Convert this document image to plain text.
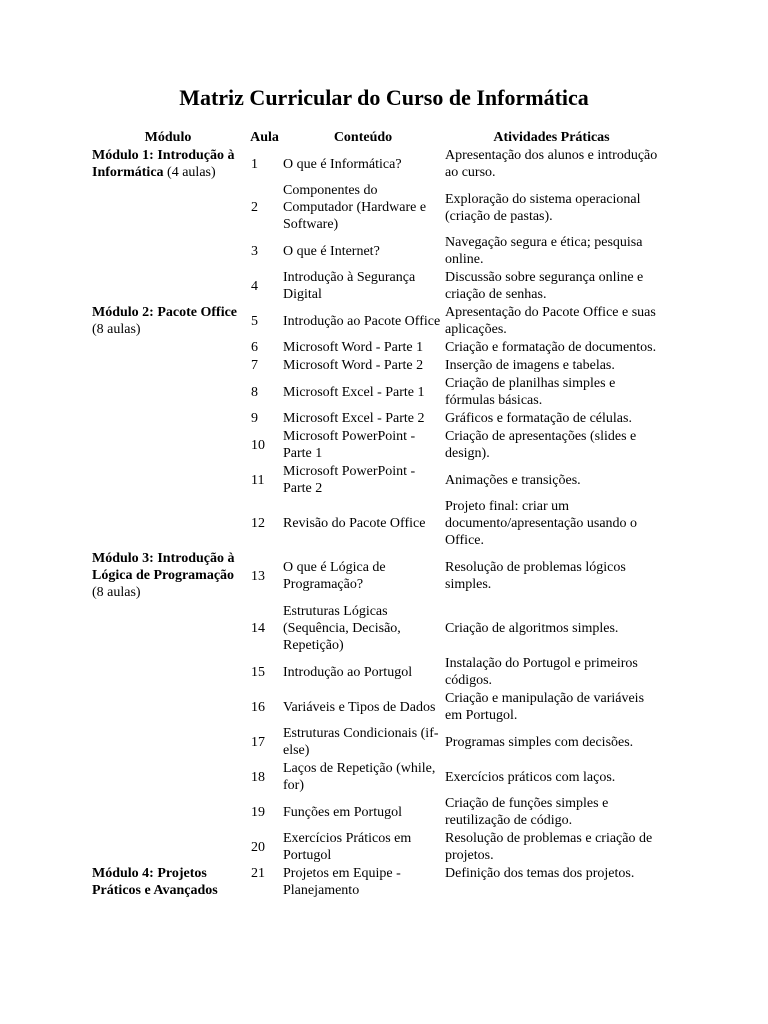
Matriz Curricular do Curso de Informática
Módulo	Aula	Conteúdo	Atividades Práticas
Módulo 1: Introdução à Informática (4 aulas)	1	O que é Informática?	Apresentação dos alunos e introdução ao curso.
	2	Componentes do Computador (Hardware e Software)	Exploração do sistema operacional (criação de pastas).
	3	O que é Internet?	Navegação segura e ética; pesquisa online.
	4	Introdução à Segurança Digital	Discussão sobre segurança online e criação de senhas.
Módulo 2: Pacote Office (8 aulas)	5	Introdução ao Pacote Office	Apresentação do Pacote Office e suas aplicações.
	6	Microsoft Word - Parte 1	Criação e formatação de documentos.
	7	Microsoft Word - Parte 2	Inserção de imagens e tabelas.
	8	Microsoft Excel - Parte 1	Criação de planilhas simples e fórmulas básicas.
	9	Microsoft Excel - Parte 2	Gráficos e formatação de células.
	10	Microsoft PowerPoint - Parte 1	Criação de apresentações (slides e design).
	11	Microsoft PowerPoint - Parte 2	Animações e transições.
	12	Revisão do Pacote Office	Projeto final: criar um documento/apresentação usando o Office.
Módulo 3: Introdução à Lógica de Programação (8 aulas)	13	O que é Lógica de Programação?	Resolução de problemas lógicos simples.
	14	Estruturas Lógicas (Sequência, Decisão, Repetição)	Criação de algoritmos simples.
	15	Introdução ao Portugol	Instalação do Portugol e primeiros códigos.
	16	Variáveis e Tipos de Dados	Criação e manipulação de variáveis em Portugol.
	17	Estruturas Condicionais (if-else)	Programas simples com decisões.
	18	Laços de Repetição (while, for)	Exercícios práticos com laços.
	19	Funções em Portugol	Criação de funções simples e reutilização de código.
	20	Exercícios Práticos em Portugol	Resolução de problemas e criação de projetos.
Módulo 4: Projetos Práticos e Avançados	21	Projetos em Equipe - Planejamento	Definição dos temas dos projetos.
